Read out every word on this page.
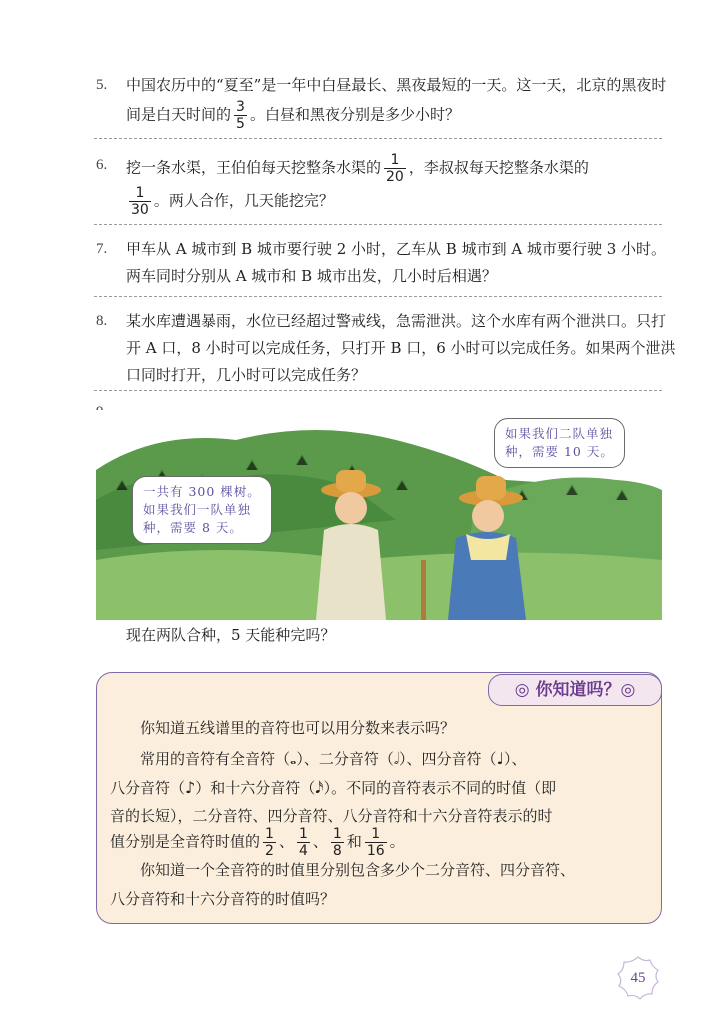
5. 中国农历中的“夏至”是一年中白昼最长、黑夜最短的一天。这一天，北京的黑夜时间是白天时间的 $\frac{3}{5}$ 。白昼和黑夜分别是多少小时？
6. 挖一条水渠，王伯伯每天挖整条水渠的 $\frac{1}{20}$ ，李叔叔每天挖整条水渠的

$\frac{1}{30}$ 。两人合作，几天能挖完？
7. 甲车从 A 城市到 B 城市要行驶 2 小时，乙车从 B 城市到 A 城市要行驶 3 小时。两车同时分别从 A 城市和 B 城市出发，几小时后相遇？
8. 某水库遭遇暴雨，水位已经超过警戒线，急需泄洪。这个水库有两个泄洪口。只打开 A 口，8 小时可以完成任务，只打开 B 口，6 小时可以完成任务。如果两个泄洪口同时打开，几小时可以完成任务？
一共有 300 棵树。
如果我们一队单独
种，需要 8 天。
如果我们二队单独
种，需要 10 天。
现在两队合种，5 天能种完吗？
◎ 你知道吗？◎
你知道五线谱里的音符也可以用分数来表示吗？
常用的音符有全音符（𝅝）、二分音符（𝅗𝅥）、四分音符（♩）、
八分音符（♪）和十六分音符（𝅘𝅥𝅯）。不同的音符表示不同的时值（即
音的长短），二分音符、四分音符、八分音符和十六分音符表示的时
值分别是全音符时值的 $\frac{1}{2}$ 、 $\frac{1}{4}$ 、 $\frac{1}{8}$ 和 $\frac{1}{16}$ 。
你知道一个全音符的时值里分别包含多少个二分音符、四分音符、
八分音符和十六分音符的时值吗？
45
